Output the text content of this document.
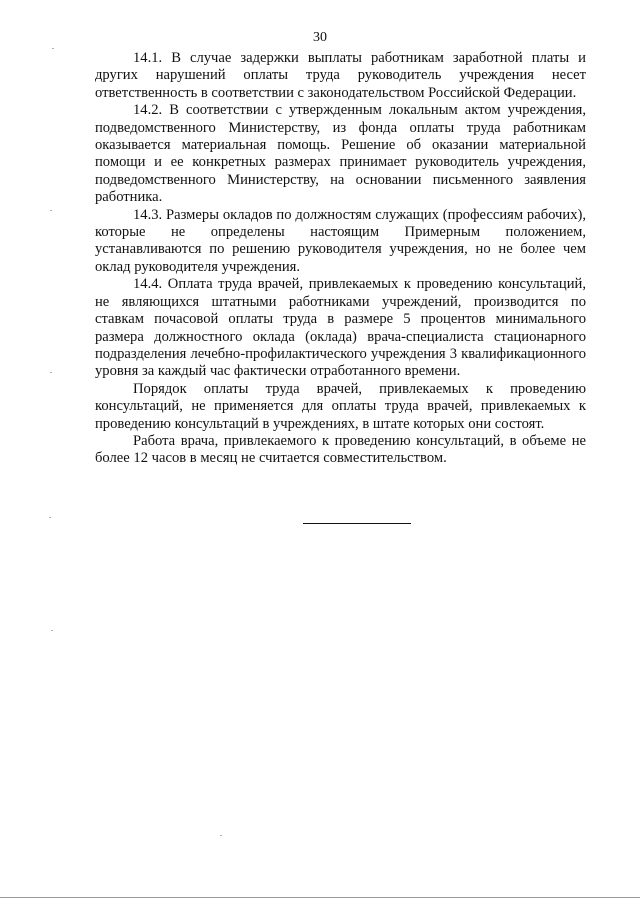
30

14.1. В случае задержки выплаты работникам заработной платы и других нарушений оплаты труда руководитель учреждения несет ответственность в соответствии с законодательством Российской Федерации.

14.2. В соответствии с утвержденным локальным актом учреждения, подведомственного Министерству, из фонда оплаты труда работникам оказывается материальная помощь. Решение об оказании материальной помощи и ее конкретных размерах принимает руководитель учреждения, подведомственного Министерству, на основании письменного заявления работника.

14.3. Размеры окладов по должностям служащих (профессиям рабочих), которые не определены настоящим Примерным положением, устанавливаются по решению руководителя учреждения, но не более чем оклад руководителя учреждения.

14.4. Оплата труда врачей, привлекаемых к проведению консультаций, не являющихся штатными работниками учреждений, производится по ставкам почасовой оплаты труда в размере 5 процентов минимального размера должностного оклада (оклада) врача-специалиста стационарного подразделения лечебно-профилактического учреждения 3 квалификационного уровня за каждый час фактически отработанного времени.

Порядок оплаты труда врачей, привлекаемых к проведению консультаций, не применяется для оплаты труда врачей, привлекаемых к проведению консультаций в учреждениях, в штате которых они состоят.

Работа врача, привлекаемого к проведению консультаций, в объеме не более 12 часов в месяц не считается совместительством.
